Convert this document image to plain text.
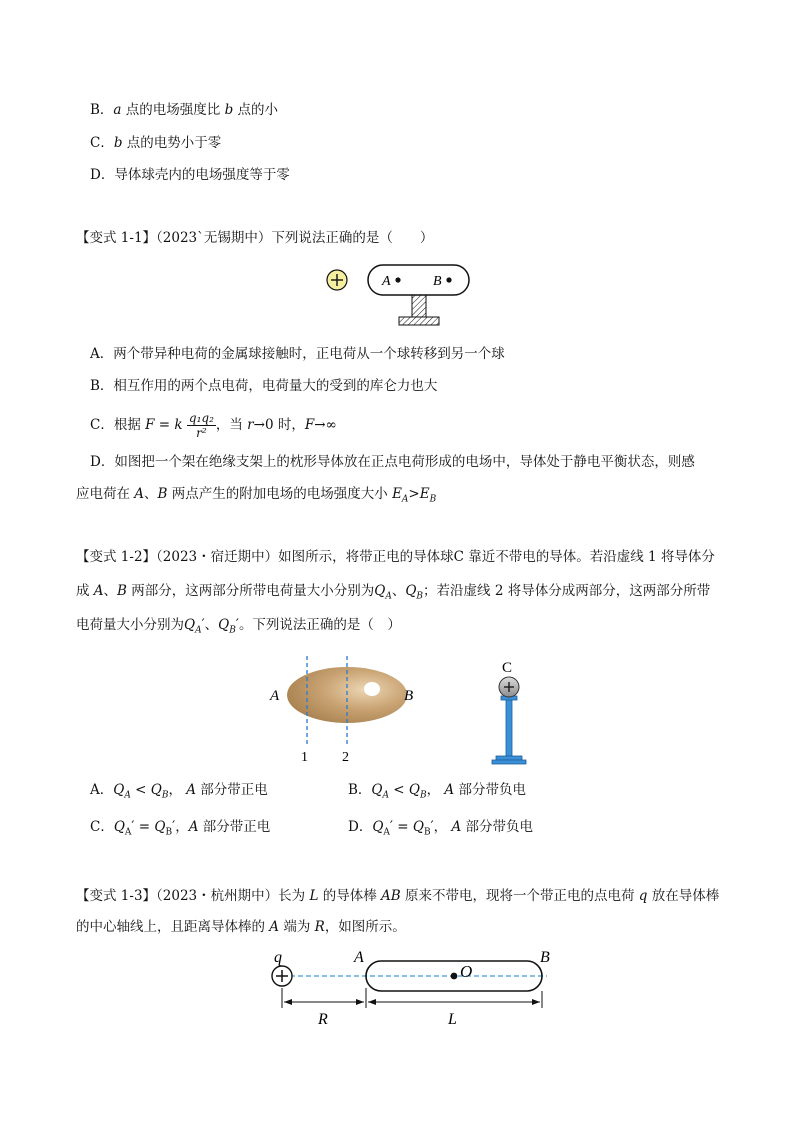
B．a 点的电场强度比 b 点的小
C．b 点的电势小于零
D．导体球壳内的电场强度等于零
【变式 1-1】（2023`无锡期中）下列说法正确的是（　　）
A	B
A．两个带异种电荷的金属球接触时，正电荷从一个球转移到另一个球
B．相互作用的两个点电荷，电荷量大的受到的库仑力也大
C．根据 F = k $\frac{\text{q₁q₂}}{\text{r²}}$ ，当 r→0 时，F→∞
D．如图把一个架在绝缘支架上的枕形导体放在正点电荷形成的电场中，导体处于静电平衡状态，则感
应电荷在 A、B 两点产生的附加电场的电场强度大小 $E_A>E_B$
【变式 1-2】（2023・宿迁期中）如图所示，将带正电的导体球C 靠近不带电的导体。若沿虚线 1 将导体分
成 A、B 两部分，这两部分所带电荷量大小分别为$Q_A$、$Q_B$；若沿虚线 2 将导体分成两部分，这两部分所带
电荷量大小分别为$Q_A'$、$Q_B'$。下列说法正确的是（　）
A	B
1 2
C
A．$Q_A < Q_B$， A 部分带正电	B．$Q_A < Q_B$， A 部分带负电
C．$Q_A' = Q_B'$，A 部分带正电	D．$Q_A' = Q_B'$， A 部分带负电
【变式 1-3】（2023・杭州期中）长为 L 的导体棒 AB 原来不带电，现将一个带正电的点电荷 q 放在导体棒
的中心轴线上，且距离导体棒的 A 端为 R，如图所示。
q	A	B
O
R	L
